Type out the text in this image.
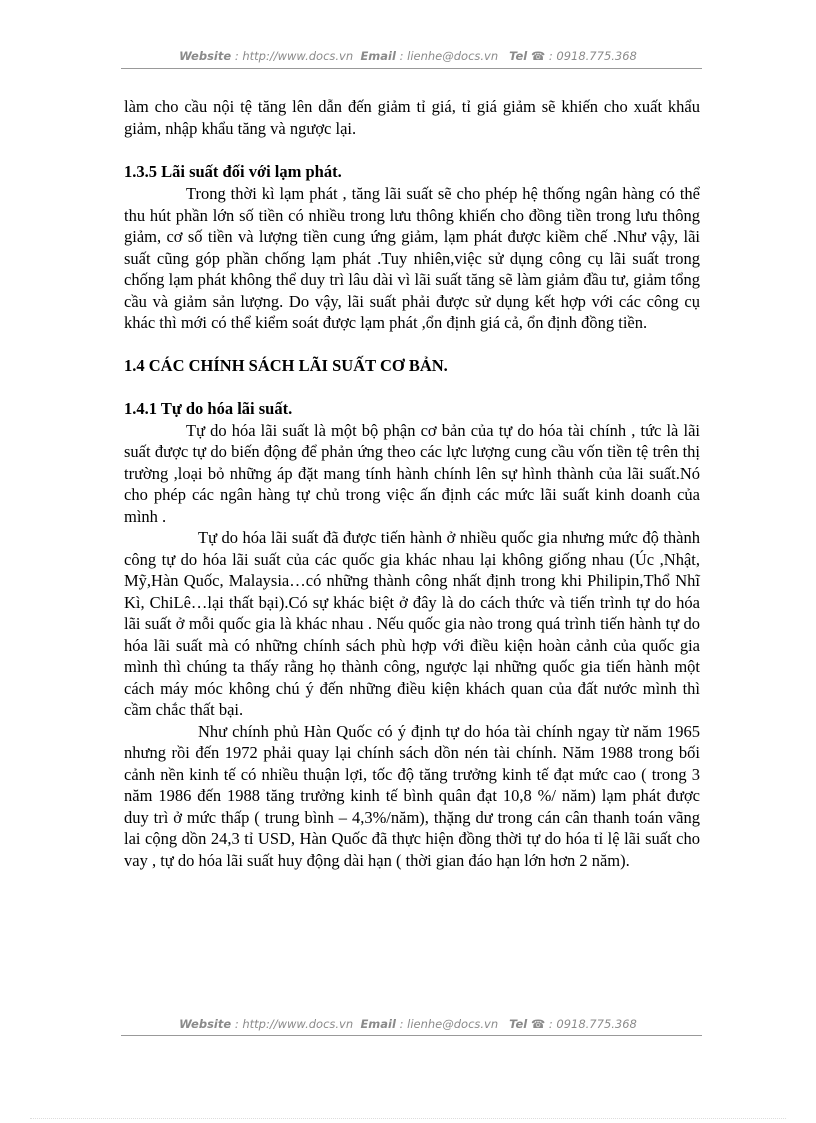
Website : http://www.docs.vn Email : lienhe@docs.vn Tel ☎ : 0918.775.368

làm cho cầu nội tệ tăng lên dẫn đến giảm tỉ giá, tỉ giá giảm sẽ khiến cho xuất khẩu giảm, nhập khẩu tăng và ngược lại.

1.3.5 Lãi suất đối với lạm phát.

Trong thời kì lạm phát , tăng lãi suất sẽ cho phép hệ thống ngân hàng có thể thu hút phần lớn số tiền có nhiều trong lưu thông khiến cho đồng tiền trong lưu thông giảm, cơ số tiền và lượng tiền cung ứng giảm, lạm phát được kiềm chế .Như vậy, lãi suất cũng góp phần chống lạm phát .Tuy nhiên,việc sử dụng công cụ lãi suất trong chống lạm phát không thể duy trì lâu dài vì lãi suất tăng sẽ làm giảm đầu tư, giảm tổng cầu và giảm sản lượng. Do vậy, lãi suất phải được sử dụng kết hợp với các công cụ khác thì mới có thể kiểm soát được lạm phát ,ổn định giá cả, ổn định đồng tiền.

1.4 CÁC CHÍNH SÁCH LÃI SUẤT CƠ BẢN.
1.4.1 Tự do hóa lãi suất.

Tự do hóa lãi suất là một bộ phận cơ bản của tự do hóa tài chính , tức là lãi suất được tự do biến động để phản ứng theo các lực lượng cung cầu vốn tiền tệ trên thị trường ,loại bỏ những áp đặt mang tính hành chính lên sự hình thành của lãi suất.Nó cho phép các ngân hàng tự chủ trong việc ấn định các mức lãi suất kinh doanh của mình .

Tự do hóa lãi suất đã được tiến hành ở nhiều quốc gia nhưng mức độ thành công tự do hóa lãi suất của các quốc gia khác nhau lại không giống nhau (Úc ,Nhật, Mỹ,Hàn Quốc, Malaysia…có những thành công nhất định trong khi Philipin,Thổ Nhĩ Kì, ChiLê…lại thất bại).Có sự khác biệt ở đây là do cách thức và tiến trình tự do hóa lãi suất ở mỗi quốc gia là khác nhau . Nếu quốc gia nào trong quá trình tiến hành tự do hóa lãi suất mà có những chính sách phù hợp với điều kiện hoàn cảnh của quốc gia mình thì chúng ta thấy rằng họ thành công, ngược lại những quốc gia tiến hành một cách máy móc không chú ý đến những điều kiện khách quan của đất nước mình thì cầm chắc thất bại.

Như chính phủ Hàn Quốc có ý định tự do hóa tài chính ngay từ năm 1965 nhưng rồi đến 1972 phải quay lại chính sách dồn nén tài chính. Năm 1988 trong bối cảnh nền kinh tế có nhiều thuận lợi, tốc độ tăng trưởng kinh tế đạt mức cao ( trong 3 năm 1986 đến 1988 tăng trưởng kinh tế bình quân đạt 10,8 %/ năm) lạm phát được duy trì ở mức thấp ( trung bình – 4,3%/năm), thặng dư trong cán cân thanh toán vãng lai cộng dồn 24,3 tỉ USD, Hàn Quốc đã thực hiện đồng thời tự do hóa tỉ lệ lãi suất cho vay , tự do hóa lãi suất huy động dài hạn ( thời gian đáo hạn lớn hơn 2 năm).

Website : http://www.docs.vn Email : lienhe@docs.vn Tel ☎ : 0918.775.368
